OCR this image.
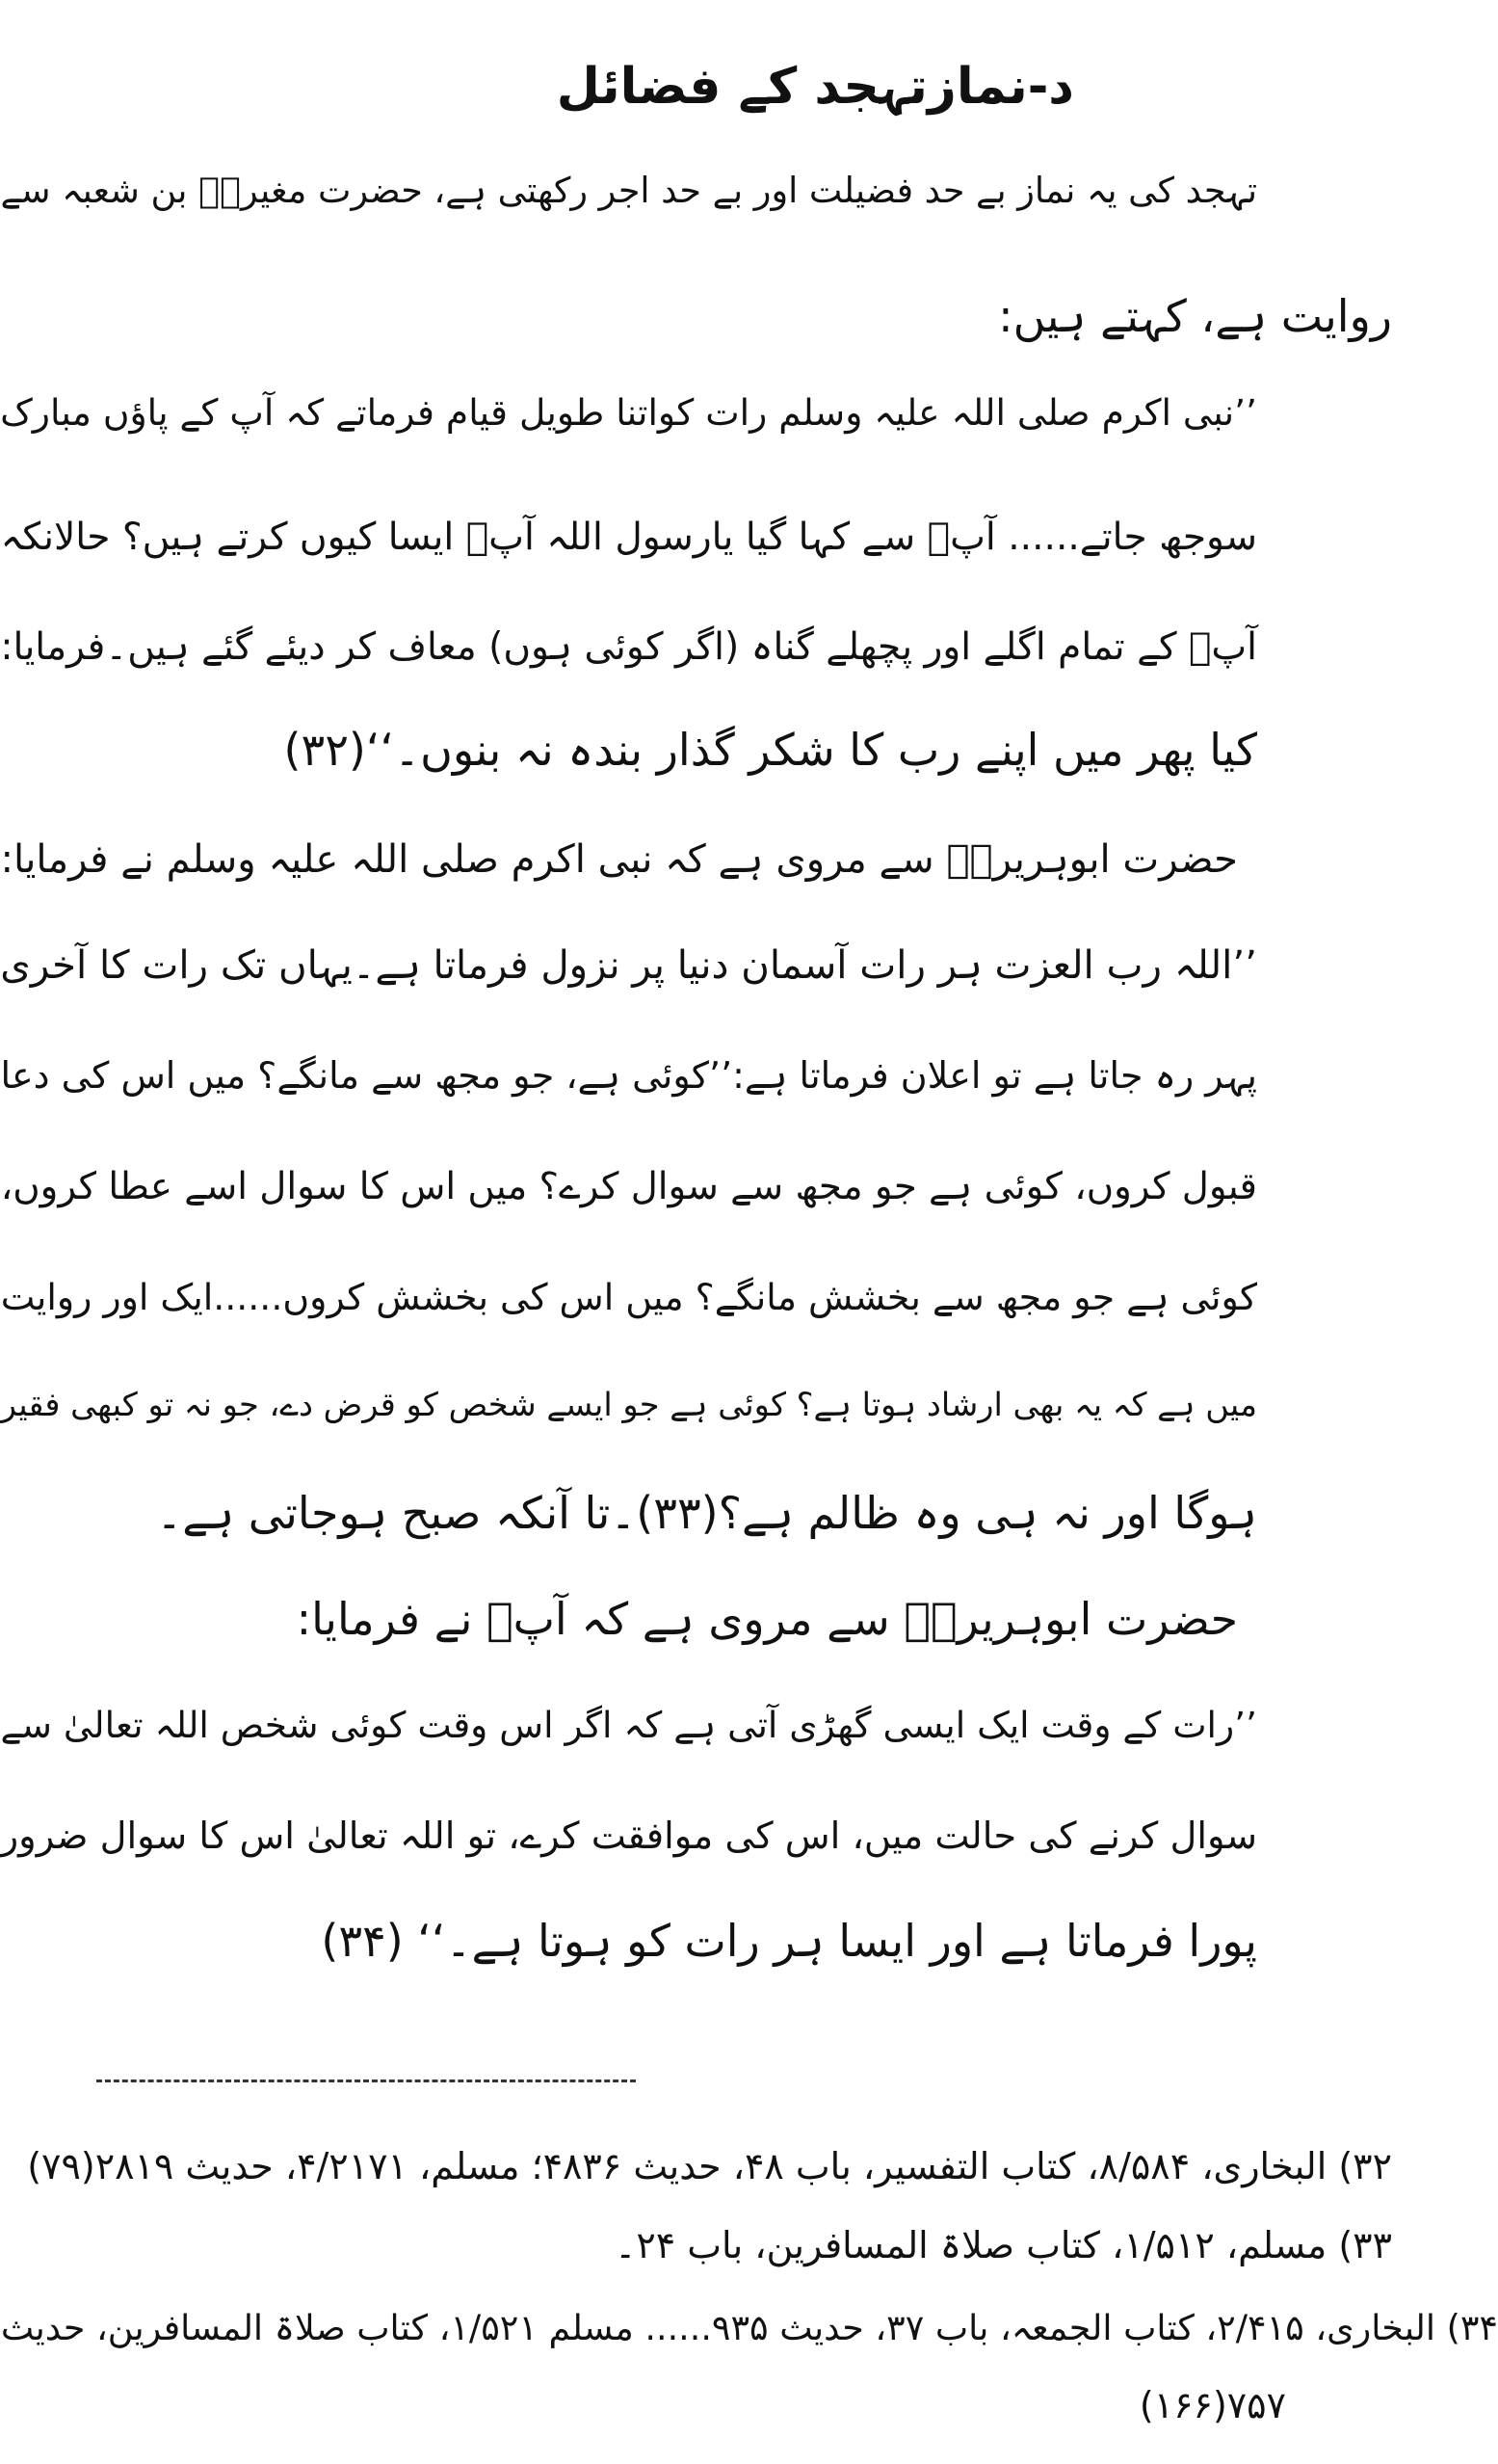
د-نمازتہجد کے فضائل
تہجد کی یہ نماز بے حد فضیلت اور بے حد اجر رکھتی ہے، حضرت مغیرہؓ بن شعبہ سے
روایت ہے، کہتے ہیں:
’’نبی اکرم صلی اللہ علیہ وسلم رات کواتنا طویل قیام فرماتے کہ آپ کے پاؤں مبارک
سوجھ جاتے...... آپؐ سے کہا گیا یارسول اللہ آپؐ ایسا کیوں کرتے ہیں؟ حالانکہ
آپؐ کے تمام اگلے اور پچھلے گناہ (اگر کوئی ہوں) معاف کر دیئے گئے ہیں۔فرمایا:
کیا پھر میں اپنے رب کا شکر گذار بندہ نہ بنوں۔‘‘(۳۲)
حضرت ابوہریرہؓ سے مروی ہے کہ نبی اکرم صلی اللہ علیہ وسلم نے فرمایا:
’’اللہ رب العزت ہر رات آسمان دنیا پر نزول فرماتا ہے۔یہاں تک رات کا آخری
پہر رہ جاتا ہے تو اعلان فرماتا ہے:’’کوئی ہے، جو مجھ سے مانگے؟ میں اس کی دعا
قبول کروں، کوئی ہے جو مجھ سے سوال کرے؟ میں اس کا سوال اسے عطا کروں،
کوئی ہے جو مجھ سے بخشش مانگے؟ میں اس کی بخشش کروں......ایک اور روایت
میں ہے کہ یہ بھی ارشاد ہوتا ہے؟ کوئی ہے جو ایسے شخص کو قرض دے، جو نہ تو کبھی فقیر
ہوگا اور نہ ہی وہ ظالم ہے؟(۳۳)۔تا آنکہ صبح ہوجاتی ہے۔
حضرت ابوہریرہؓ سے مروی ہے کہ آپؐ نے فرمایا:
’’رات کے وقت ایک ایسی گھڑی آتی ہے کہ اگر اس وقت کوئی شخص اللہ تعالیٰ سے
سوال کرنے کی حالت میں، اس کی موافقت کرے، تو اللہ تعالیٰ اس کا سوال ضرور
پورا فرماتا ہے اور ایسا ہر رات کو ہوتا ہے۔‘‘ (۳۴)
۳۲) البخاری، ۸/۵۸۴، کتاب التفسیر، باب ۴۸، حدیث ۴۸۳۶؛ مسلم، ۴/۲۱۷۱، حدیث ۲۸۱۹(۷۹)
۳۳) مسلم، ۱/۵۱۲، کتاب صلاۃ المسافرین، باب ۲۴۔
۳۴) البخاری، ۲/۴۱۵، کتاب الجمعہ، باب ۳۷، حدیث ۹۳۵...... مسلم ۱/۵۲۱، کتاب صلاۃ المسافرین، حدیث
۷۵۷(۱۶۶)
